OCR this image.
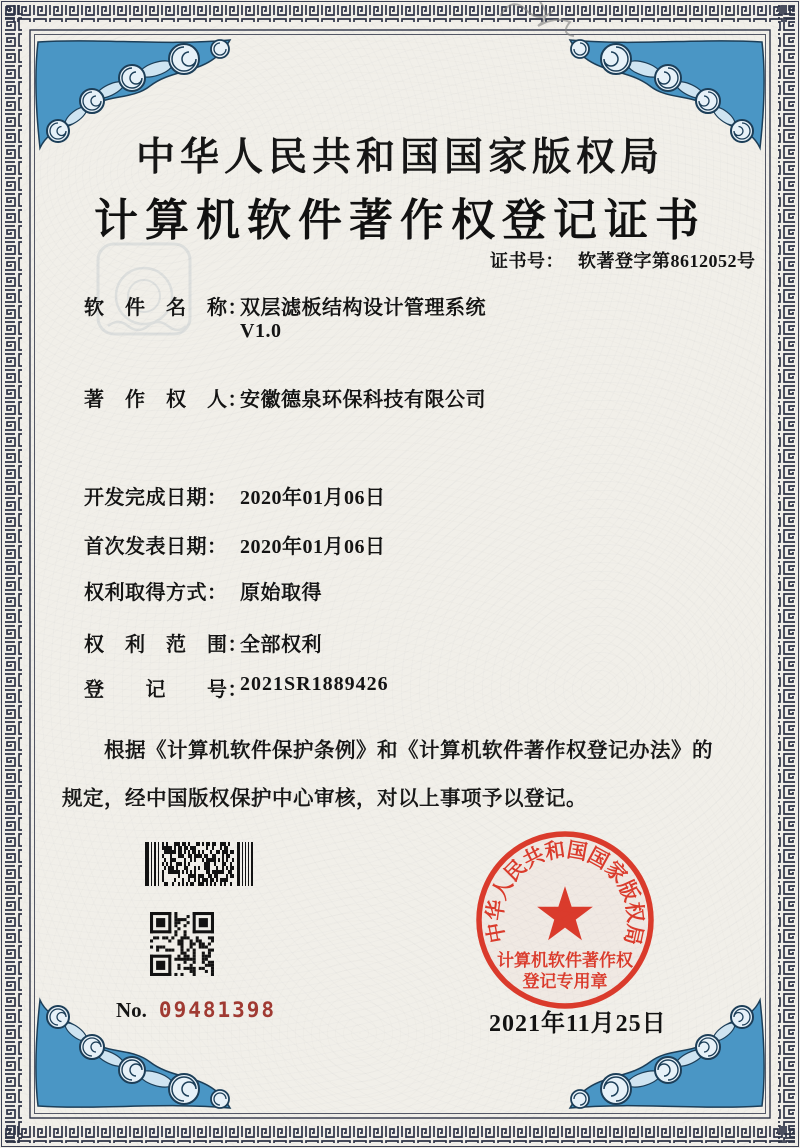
中华人民共和国国家版权局
计算机软件著作权登记证书
证书号： 软著登字第8612052号
软　件　名　称：
双层滤板结构设计管理系统
V1.0
著　作　权　人：
安徽德泉环保科技有限公司
开发完成日期： 2020年01月06日
首次发表日期： 2020年01月06日
权利取得方式： 原始取得
权　利　范　围：
全部权利
登　　记　　号：
2021SR1889426
根据《计算机软件保护条例》和《计算机软件著作权登记办法》的
规定，经中国版权保护中心审核，对以上事项予以登记。
No. 09481398
中华人民共和国国家版权局
计算机软件著作权
登记专用章
2021年11月25日
